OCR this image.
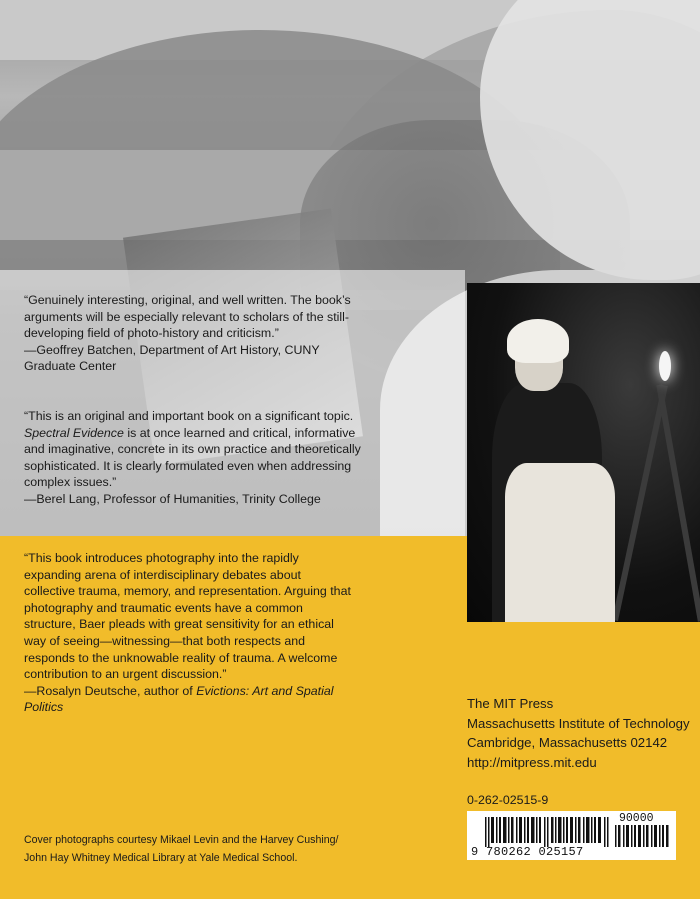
“Genuinely interesting, original, and well written. The book’s arguments will be especially relevant to scholars of the still-developing field of photo-history and criticism.”

—Geoffrey Batchen, Department of Art History, CUNY Graduate Center

“This is an original and important book on a significant topic. Spectral Evidence is at once learned and critical, informative and imaginative, concrete in its own practice and theoretically sophisticated. It is clearly formulated even when addressing complex issues.”

—Berel Lang, Professor of Humanities, Trinity College

“This book introduces photography into the rapidly expanding arena of interdisciplinary debates about collective trauma, memory, and representation. Arguing that photography and traumatic events have a common structure, Baer pleads with great sensitivity for an ethical way of seeing—witnessing—that both respects and responds to the unknowable reality of trauma. A welcome contribution to an urgent discussion.”

—Rosalyn Deutsche, author of Evictions: Art and Spatial Politics	The MIT Press
Massachusetts Institute of Technology
Cambridge, Massachusetts 02142
http://mitpress.mit.edu
0-262-02515-9
90000
9 780262 025157
Cover photographs courtesy Mikael Levin and the Harvey Cushing/ John Hay Whitney Medical Library at Yale Medical School.
